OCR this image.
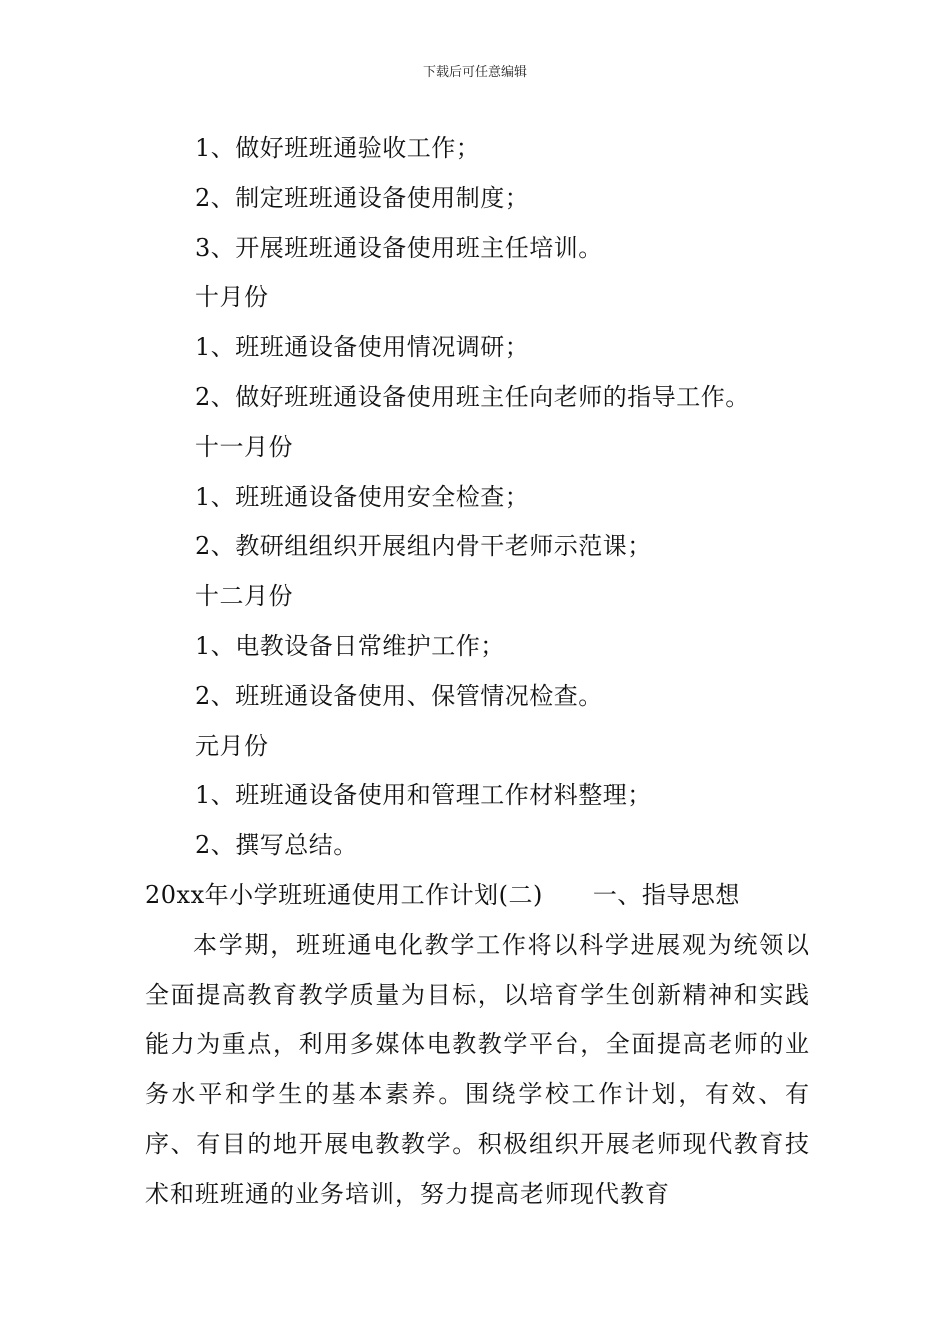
下载后可任意编辑
1、做好班班通验收工作；
2、制定班班通设备使用制度；
3、开展班班通设备使用班主任培训。
十月份
1、班班通设备使用情况调研；
2、做好班班通设备使用班主任向老师的指导工作。
十一月份
1、班班通设备使用安全检查；
2、教研组组织开展组内骨干老师示范课；
十二月份
1、电教设备日常维护工作；
2、班班通设备使用、保管情况检查。
元月份
1、班班通设备使用和管理工作材料整理；
2、撰写总结。
20xx年小学班班通使用工作计划(二) 一、指导思想
本学期，班班通电化教学工作将以科学进展观为统领以全面提高教育教学质量为目标，以培育学生创新精神和实践能力为重点，利用多媒体电教教学平台，全面提高老师的业务水平和学生的基本素养。围绕学校工作计划，有效、有序、有目的地开展电教教学。积极组织开展老师现代教育技术和班班通的业务培训，努力提高老师现代教育
